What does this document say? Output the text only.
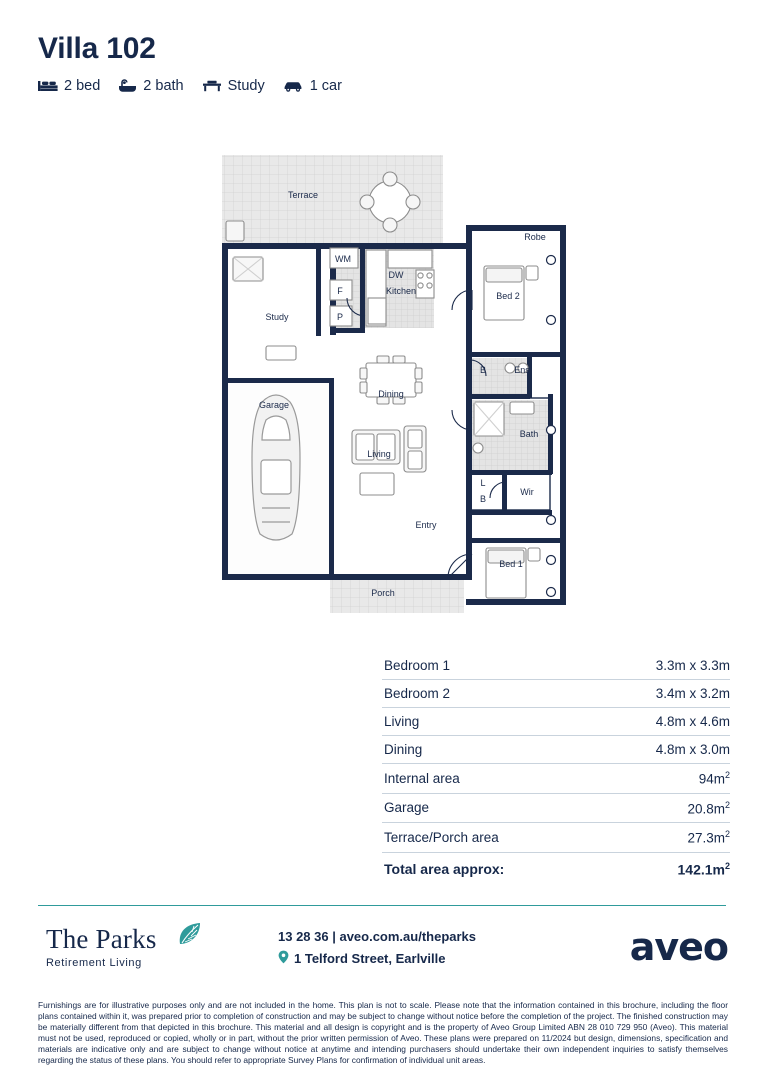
Villa 102
2 bed	2 bath	Study	1 car
Terrace
Robe
WM
DW
Kitchen	Bed 2
Study
F
P
B	Ens
Dining
Garage
Bath
Living
L
B
Wir
Entry
Bed 1
Porch
Bedroom 1	3.3m x 3.3m
Bedroom 2	3.4m x 3.2m
Living	4.8m x 4.6m
Dining	4.8m x 3.0m
Internal area	$94m^2$
Garage	$20.8m^2$
Terrace/Porch area	$27.3m^2$
Total area approx:	$142.1m^2$
The Parks
Retirement Living
13 28 36 | aveo.com.au/theparks
1 Telford Street, Earlville	aveo
Furnishings are for illustrative purposes only and are not included in the home. This plan is not to scale. Please note that the information contained in this brochure, including the floor plans contained within it, was prepared prior to completion of construction and may be subject to change without notice before the completion of the project. The finished construction may be materially different from that depicted in this brochure. This material and all design is copyright and is the property of Aveo Group Limited ABN 28 010 729 950 (Aveo). This material must not be used, reproduced or copied, wholly or in part, without the prior written permission of Aveo. These plans were prepared on 11/2024 but design, dimensions, specification and materials are indicative only and are subject to change without notice at anytime and intending purchasers should undertake their own independent inquiries to satisfy themselves regarding the status of these plans. You should refer to appropriate Survey Plans for confirmation of individual unit areas.
